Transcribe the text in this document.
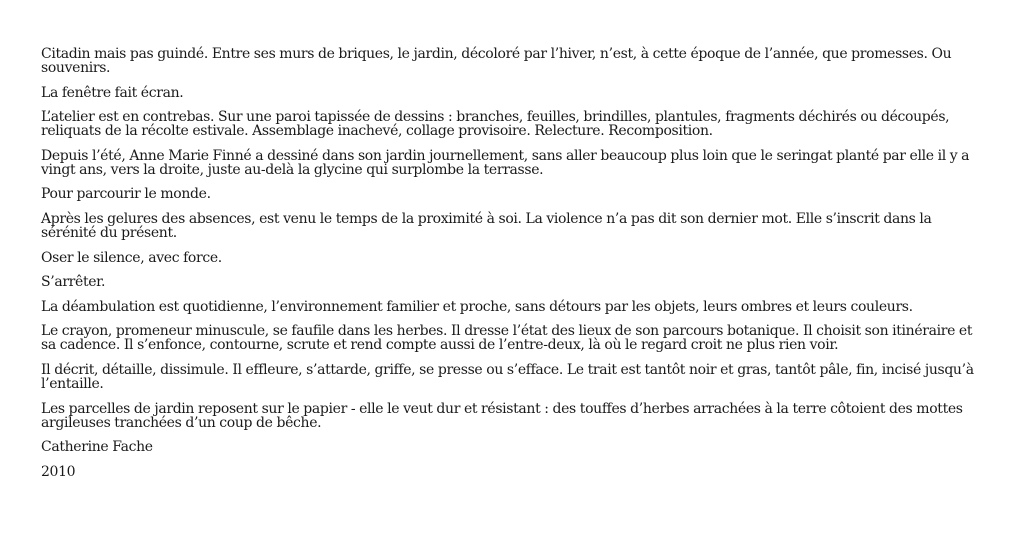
Citadin mais pas guindé. Entre ses murs de briques, le jardin, décoloré par l’hiver, n’est, à cette époque de l’année, que promesses. Ou souvenirs.

La fenêtre fait écran.

L’atelier est en contrebas. Sur une paroi tapissée de dessins : branches, feuilles, brindilles, plantules, fragments déchirés ou découpés, reliquats de la récolte estivale. Assemblage inachevé, collage provisoire. Relecture. Recomposition.

Depuis l’été, Anne Marie Finné a dessiné dans son jardin journellement, sans aller beaucoup plus loin que le seringat planté par elle il y a vingt ans, vers la droite, juste au-delà la glycine qui surplombe la terrasse.

Pour parcourir le monde.

Après les gelures des absences, est venu le temps de la proximité à soi. La violence n’a pas dit son dernier mot. Elle s’inscrit dans la sérénité du présent.

Oser le silence, avec force.

S’arrêter.

La déambulation est quotidienne, l’environnement familier et proche, sans détours par les objets, leurs ombres et leurs couleurs.

Le crayon, promeneur minuscule, se faufile dans les herbes. Il dresse l’état des lieux de son parcours botanique. Il choisit son itinéraire et sa cadence. Il s’enfonce, contourne, scrute et rend compte aussi de l’entre-deux, là où le regard croit ne plus rien voir.

Il décrit, détaille, dissimule. Il effleure, s’attarde, griffe, se presse ou s’efface. Le trait est tantôt noir et gras, tantôt pâle, fin, incisé jusqu’à l’entaille.

Les parcelles de jardin reposent sur le papier - elle le veut dur et résistant : des touffes d’herbes arrachées à la terre côtoient des mottes argileuses tranchées d’un coup de bêche.

Catherine Fache

2010
